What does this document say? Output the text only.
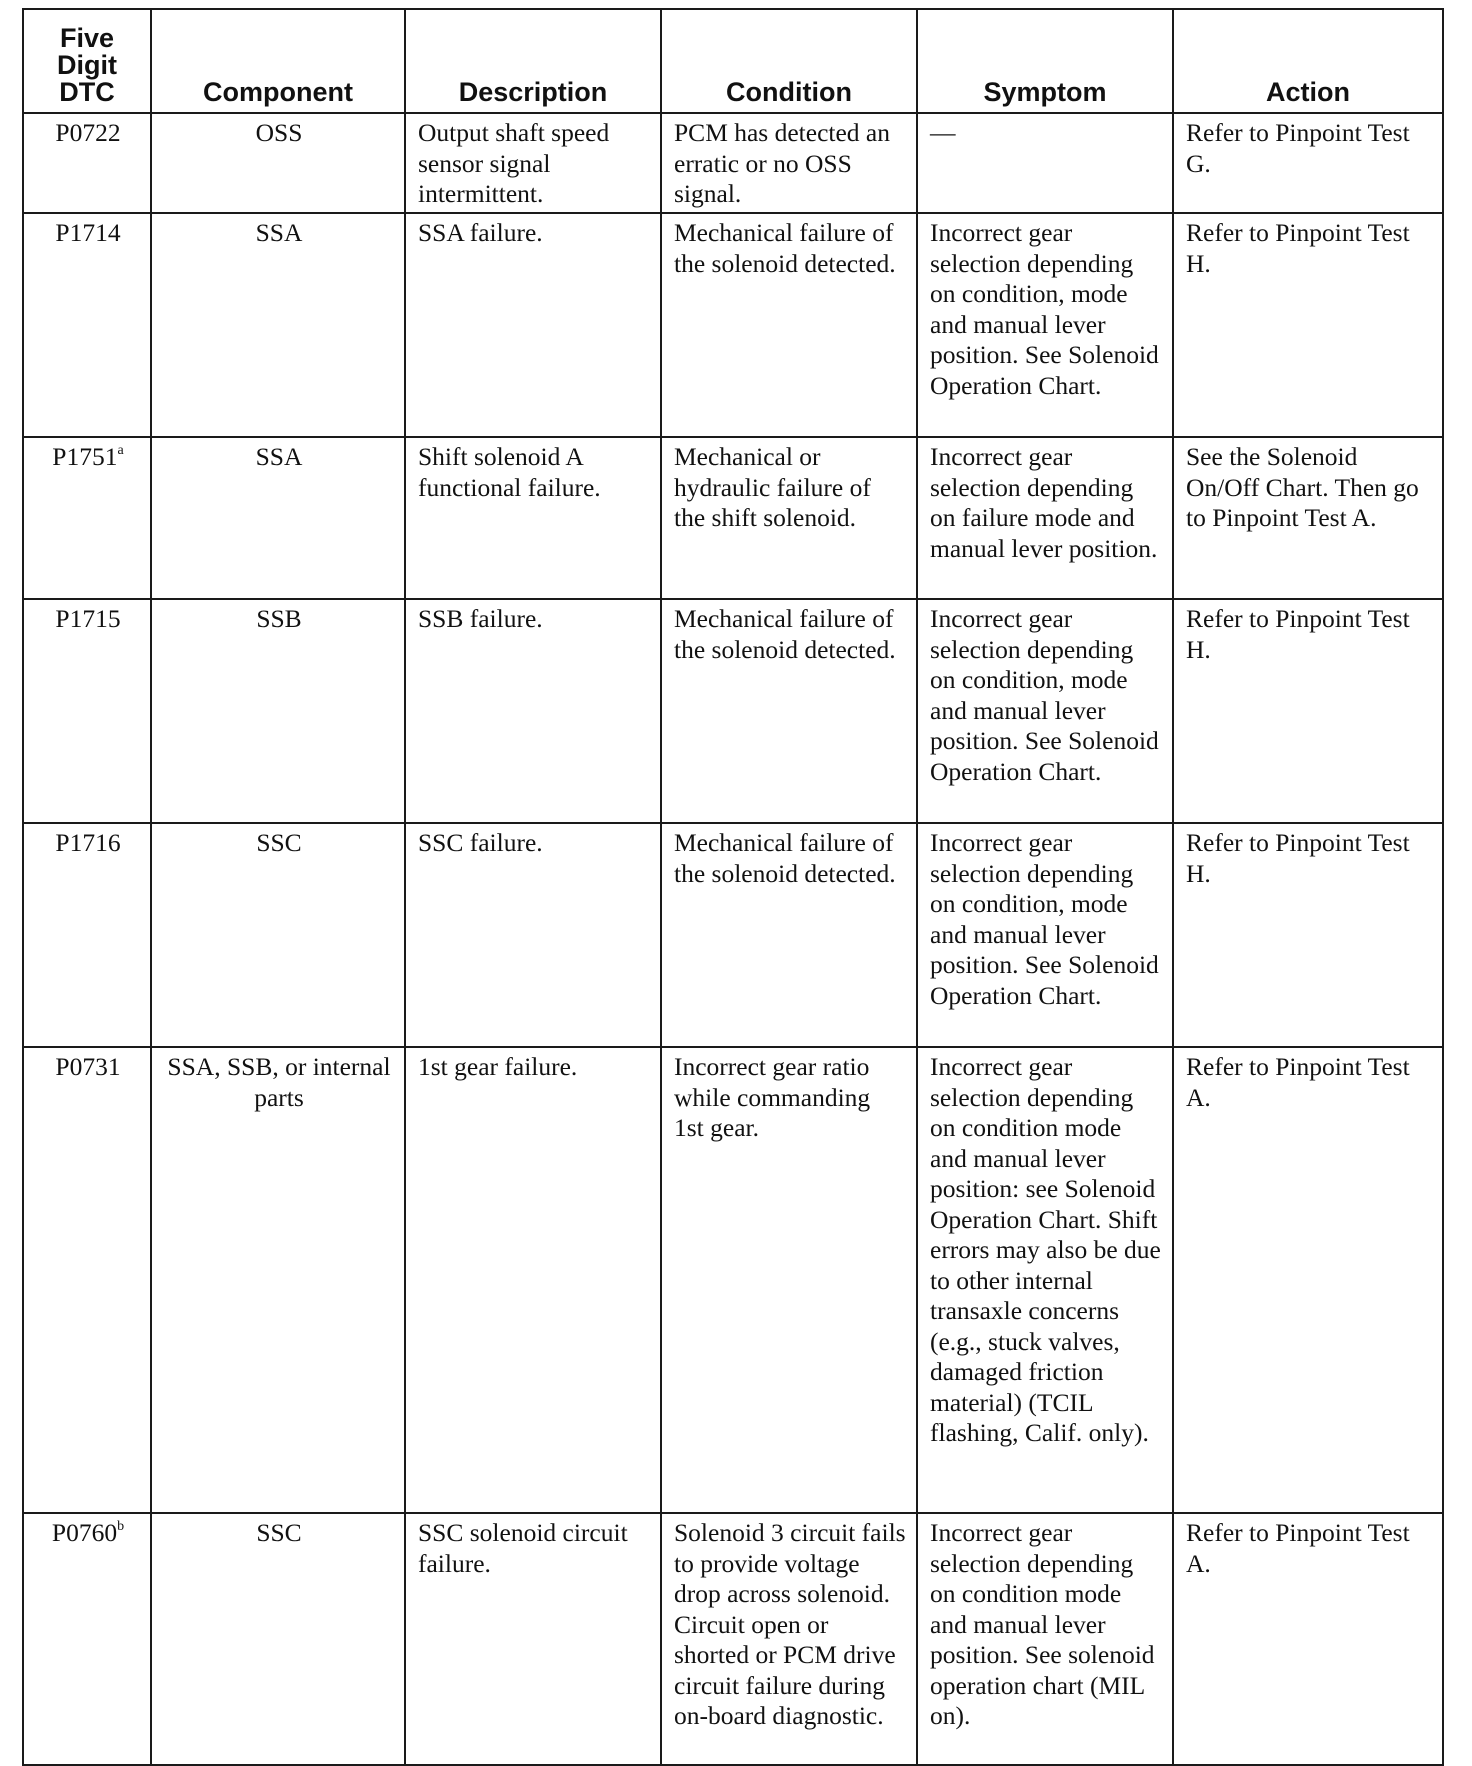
Five Digit DTC	Component	Description	Condition	Symptom	Action
P0722	OSS	Output shaft speed sensor signal intermittent.	PCM has detected an erratic or no OSS signal.	—	Refer to Pinpoint Test G.
P1714	SSA	SSA failure.	Mechanical failure of the solenoid detected.	Incorrect gear selection depending on condition, mode and manual lever position. See Solenoid Operation Chart.	Refer to Pinpoint Test H.
P1751$^a$	SSA	Shift solenoid A functional failure.	Mechanical or hydraulic failure of the shift solenoid.	Incorrect gear selection depending on failure mode and manual lever position.	See the Solenoid On/Off Chart. Then go to Pinpoint Test A.
P1715	SSB	SSB failure.	Mechanical failure of the solenoid detected.	Incorrect gear selection depending on condition, mode and manual lever position. See Solenoid Operation Chart.	Refer to Pinpoint Test H.
P1716	SSC	SSC failure.	Mechanical failure of the solenoid detected.	Incorrect gear selection depending on condition, mode and manual lever position. See Solenoid Operation Chart.	Refer to Pinpoint Test H.
P0731	SSA, SSB, or internal parts	1st gear failure.	Incorrect gear ratio while commanding 1st gear.	Incorrect gear selection depending on condition mode and manual lever position: see Solenoid Operation Chart. Shift errors may also be due to other internal transaxle concerns (e.g., stuck valves, damaged friction material) (TCIL flashing, Calif. only).	Refer to Pinpoint Test A.
P0760$^b$	SSC	SSC solenoid circuit failure.	Solenoid 3 circuit fails to provide voltage drop across solenoid. Circuit open or shorted or PCM drive circuit failure during on-board diagnostic.	Incorrect gear selection depending on condition mode and manual lever position. See solenoid operation chart (MIL on).	Refer to Pinpoint Test A.
